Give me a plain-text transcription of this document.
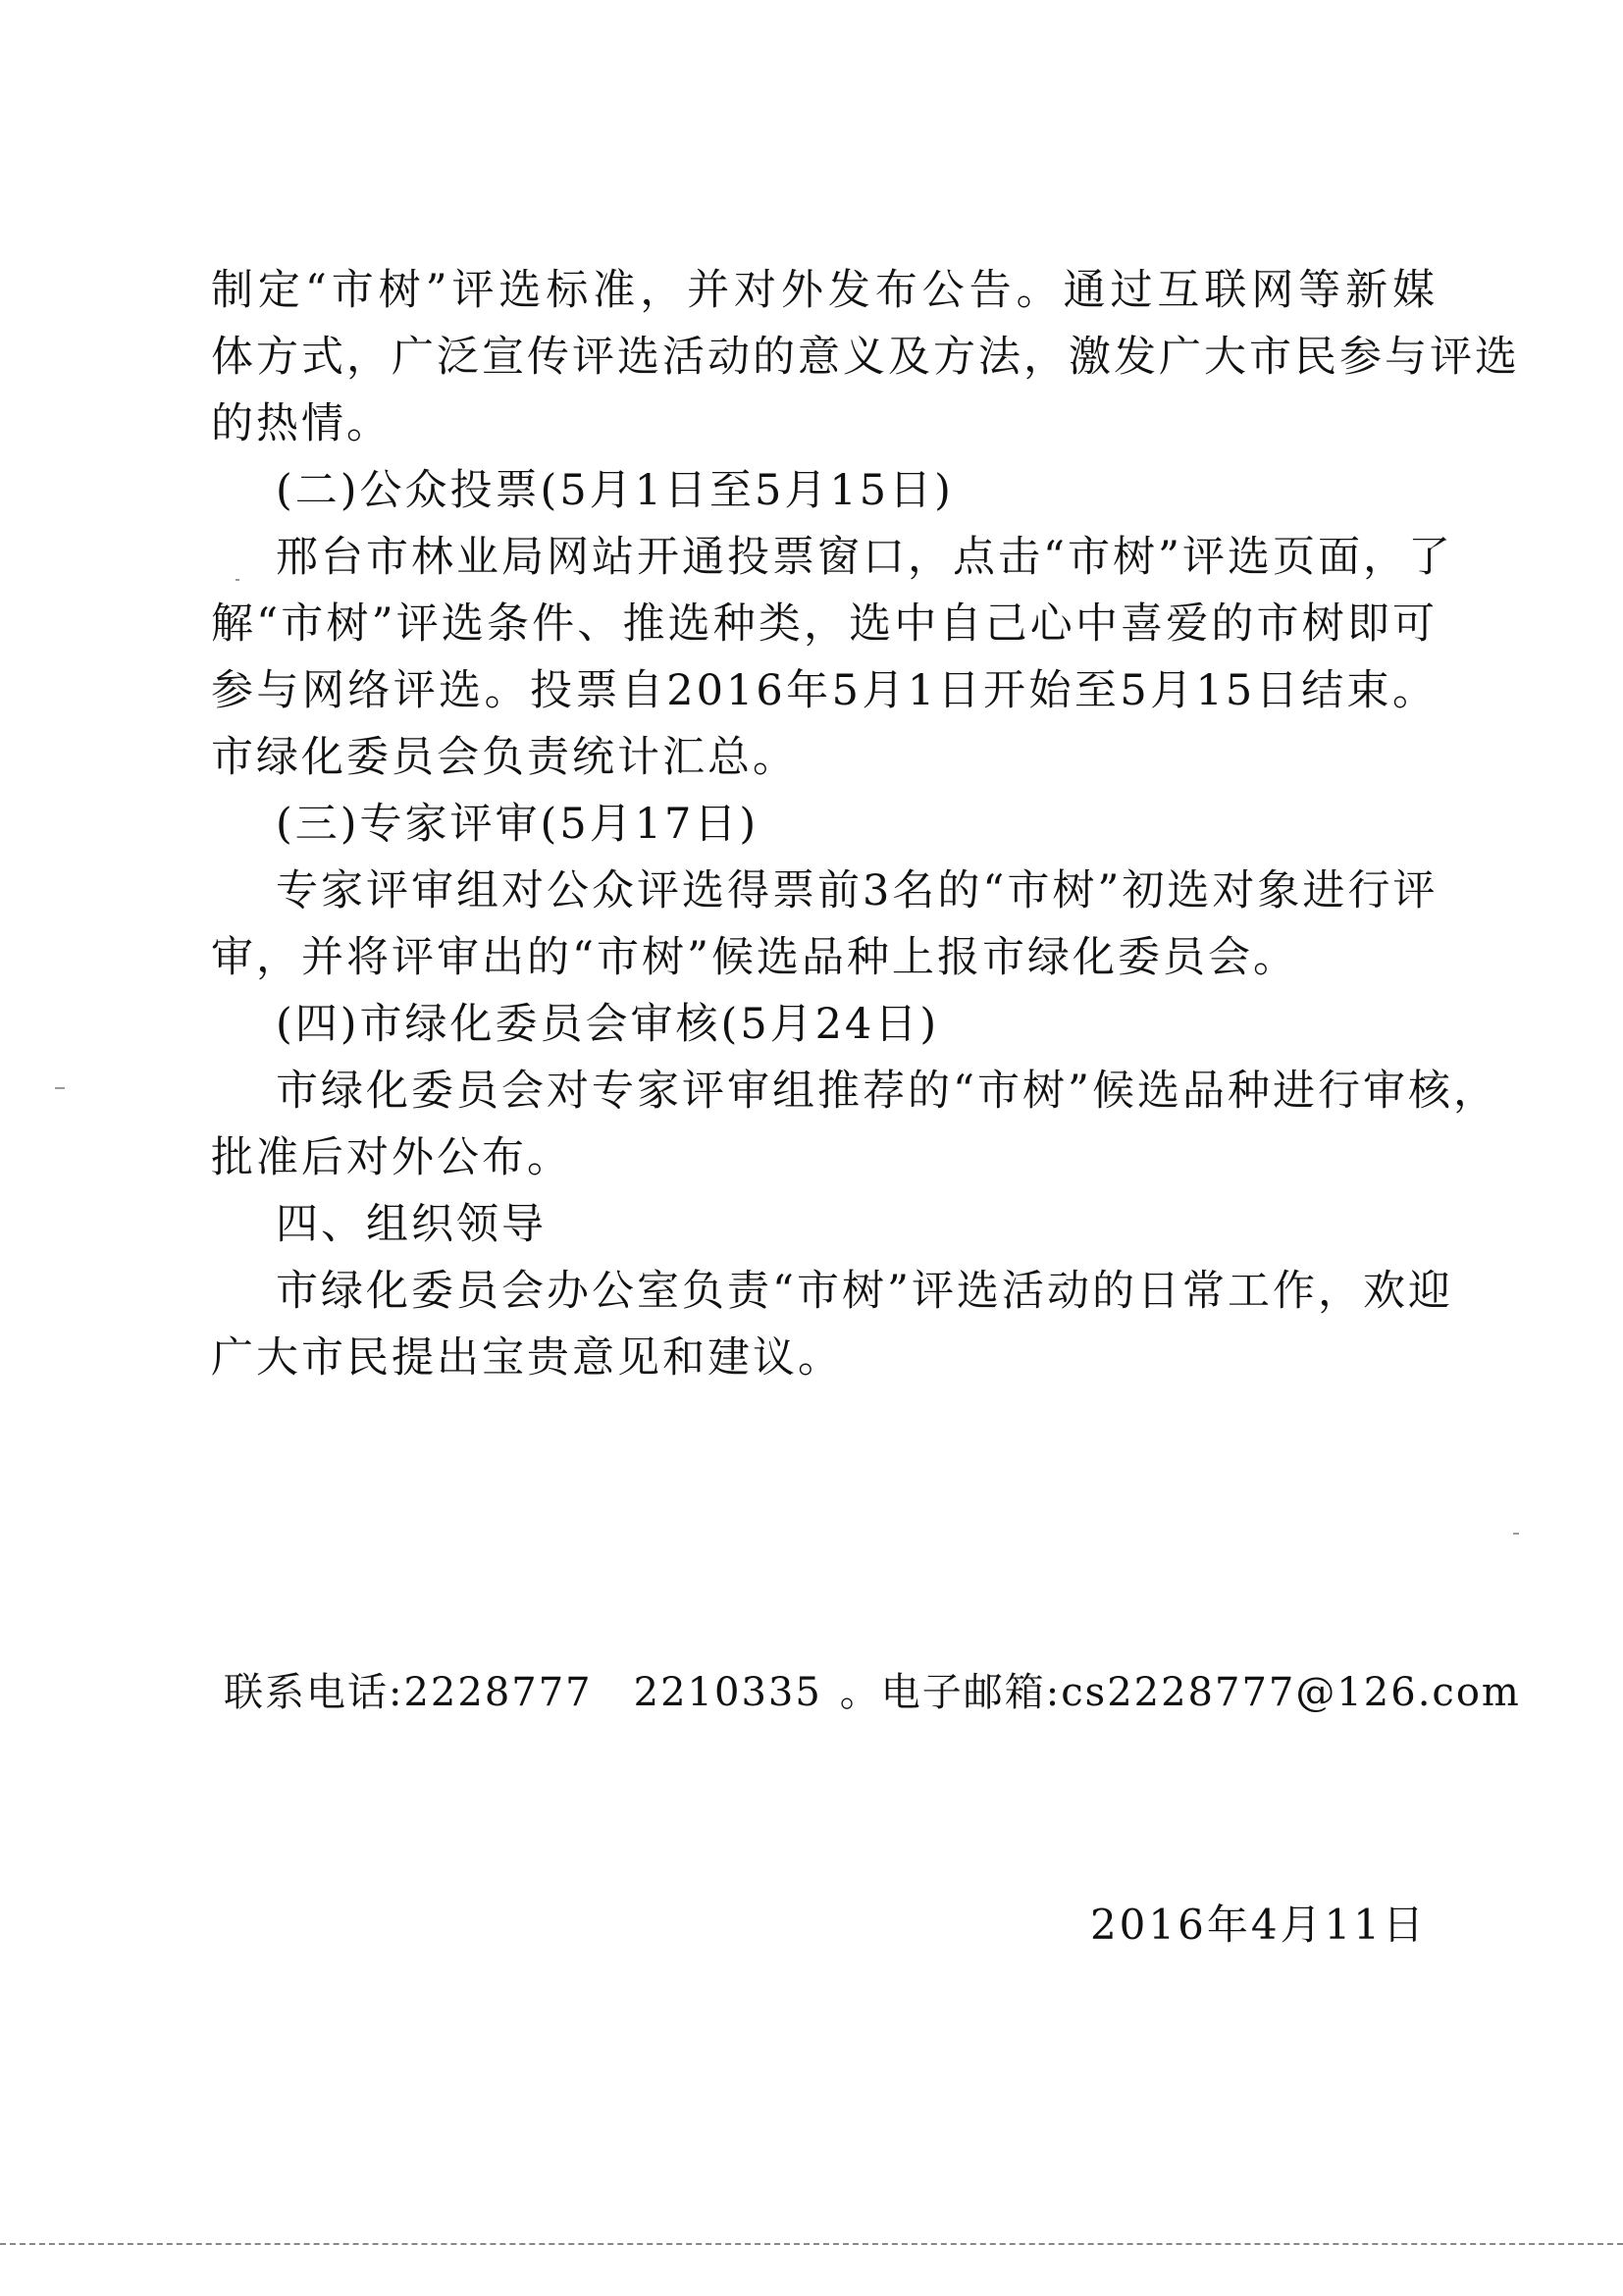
制定“市树”评选标准，并对外发布公告。通过互联网等新媒
体方式，广泛宣传评选活动的意义及方法，激发广大市民参与评选
的热情。
(二)公众投票(5月1日至5月15日)
邢台市林业局网站开通投票窗口，点击“市树”评选页面，了
解“市树”评选条件、推选种类，选中自己心中喜爱的市树即可
参与网络评选。投票自2016年5月1日开始至5月15日结束。
市绿化委员会负责统计汇总。
(三)专家评审(5月17日)
专家评审组对公众评选得票前3名的“市树”初选对象进行评
审，并将评审出的“市树”候选品种上报市绿化委员会。
(四)市绿化委员会审核(5月24日)
市绿化委员会对专家评审组推荐的“市树”候选品种进行审核，
批准后对外公布。
四、组织领导
市绿化委员会办公室负责“市树”评选活动的日常工作，欢迎
广大市民提出宝贵意见和建议。
联系电话:2228777 2210335 。电子邮箱:cs2228777@126.com
2016年4月11日
